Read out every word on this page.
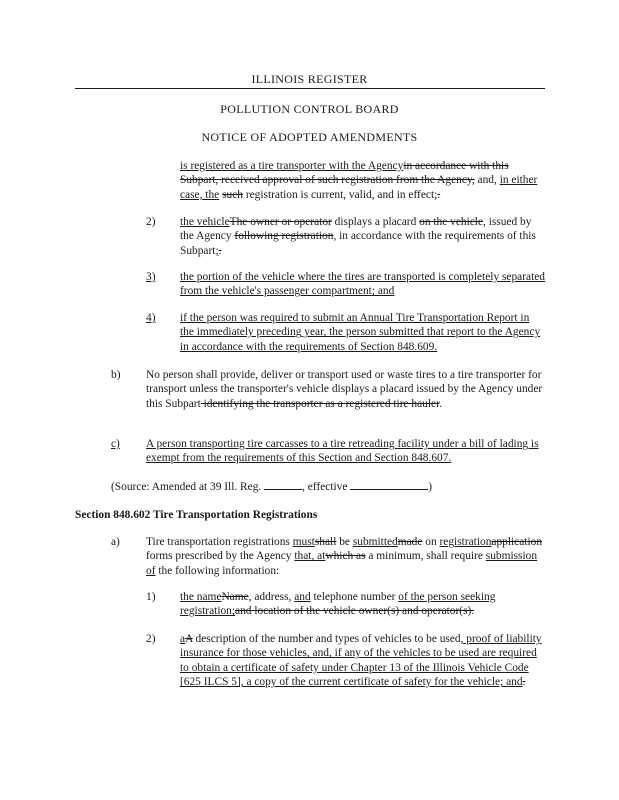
ILLINOIS REGISTER
POLLUTION CONTROL BOARD
NOTICE OF ADOPTED AMENDMENTS
is registered as a tire transporter with the Agencyin accordance with this Subpart, received approval of such registration from the Agency, and, in either case, the such registration is current, valid, and in effect;.
2) the vehicleThe owner or operator displays a placard on the vehicle, issued by the Agency following registration, in accordance with the requirements of this Subpart;.
3) the portion of the vehicle where the tires are transported is completely separated from the vehicle's passenger compartment; and
4) if the person was required to submit an Annual Tire Transportation Report in the immediately preceding year, the person submitted that report to the Agency in accordance with the requirements of Section 848.609.
b) No person shall provide, deliver or transport used or waste tires to a tire transporter for transport unless the transporter's vehicle displays a placard issued by the Agency under this Subpart identifying the transporter as a registered tire hauler.
c) A person transporting tire carcasses to a tire retreading facility under a bill of lading is exempt from the requirements of this Section and Section 848.607.
(Source: Amended at 39 Ill. Reg.	, effective	)
Section 848.602 Tire Transportation Registrations
a) Tire transportation registrations mustshall be submittedmade on registrationapplication forms prescribed by the Agency that, atwhich as a minimum, shall require submission of the following information:
1) the nameName, address, and telephone number of the person seeking registration;and location of the vehicle owner(s) and operator(s).
2) aA description of the number and types of vehicles to be used, proof of liability insurance for those vehicles, and, if any of the vehicles to be used are required to obtain a certificate of safety under Chapter 13 of the Illinois Vehicle Code [625 ILCS 5], a copy of the current certificate of safety for the vehicle; and.
